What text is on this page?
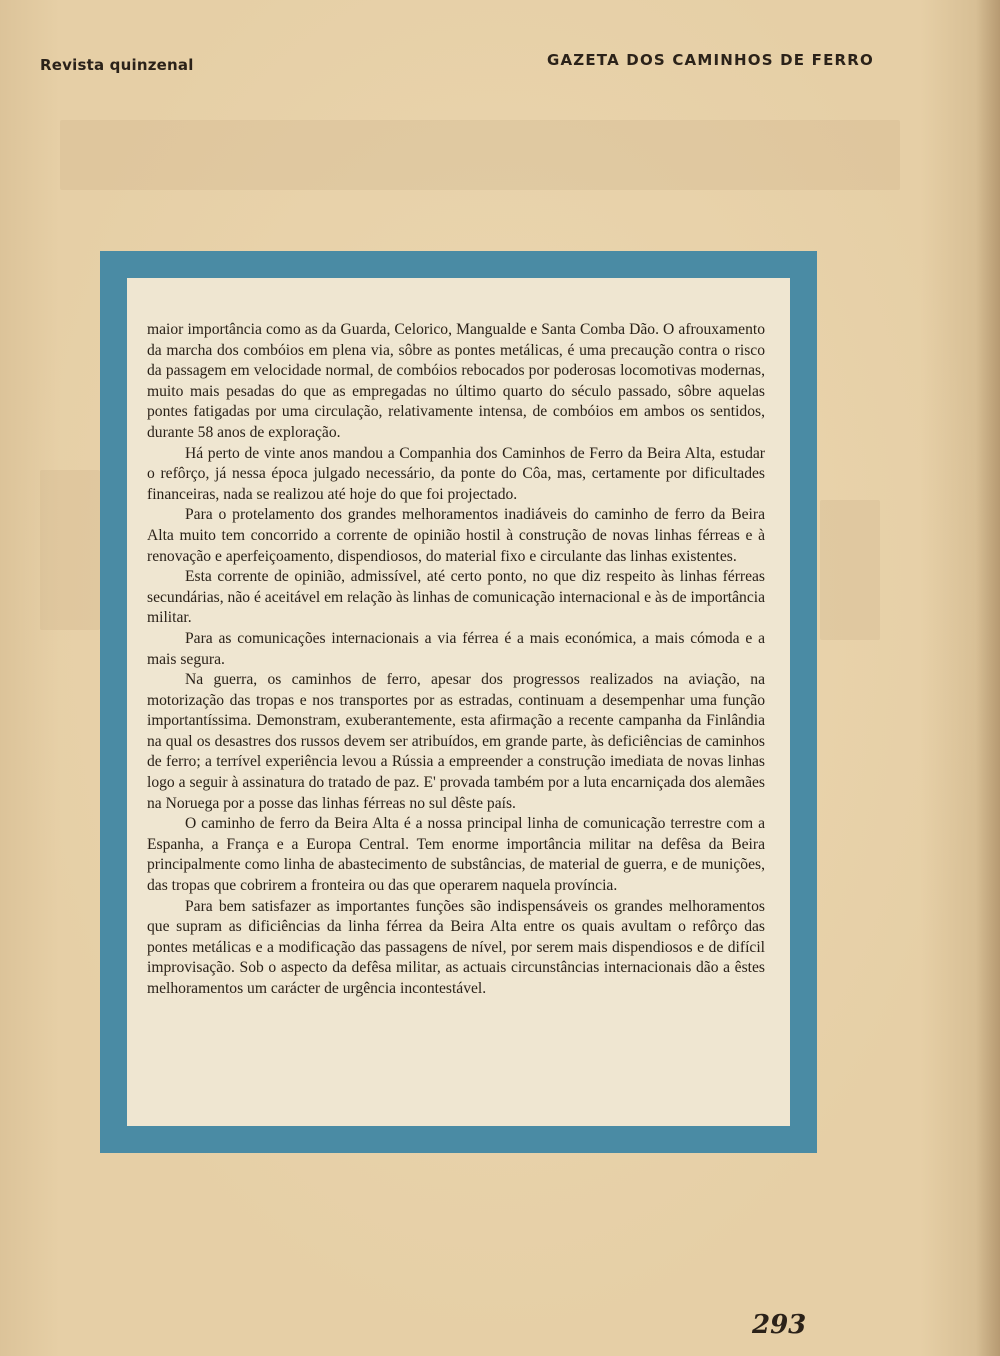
Revista quinzenal	GAZETA DOS CAMINHOS DE FERRO

maior importância como as da Guarda, Celorico, Mangualde e Santa Comba Dão. O afrouxamento da marcha dos combóios em plena via, sôbre as pontes metálicas, é uma precaução contra o risco da passagem em velocidade normal, de combóios rebocados por poderosas locomotivas modernas, muito mais pesadas do que as empregadas no último quarto do século passado, sôbre aquelas pontes fatigadas por uma circulação, relativamente intensa, de combóios em ambos os sentidos, durante 58 anos de exploração.

Há perto de vinte anos mandou a Companhia dos Caminhos de Ferro da Beira Alta, estudar o refôrço, já nessa época julgado necessário, da ponte do Côa, mas, certamente por dificultades financeiras, nada se realizou até hoje do que foi projectado.

Para o protelamento dos grandes melhoramentos inadiáveis do caminho de ferro da Beira Alta muito tem concorrido a corrente de opinião hostil à construção de novas linhas férreas e à renovação e aperfeiçoamento, dispendiosos, do material fixo e circulante das linhas existentes.

Esta corrente de opinião, admissível, até certo ponto, no que diz respeito às linhas férreas secundárias, não é aceitável em relação às linhas de comunicação internacional e às de importância militar.

Para as comunicações internacionais a via férrea é a mais económica, a mais cómoda e a mais segura.

Na guerra, os caminhos de ferro, apesar dos progressos realizados na aviação, na motorização das tropas e nos transportes por as estradas, continuam a desempenhar uma função importantíssima. Demonstram, exuberantemente, esta afirmação a recente campanha da Finlândia na qual os desastres dos russos devem ser atribuídos, em grande parte, às deficiências de caminhos de ferro; a terrível experiência levou a Rússia a empreender a construção imediata de novas linhas logo a seguir à assinatura do tratado de paz. E' provada também por a luta encarniçada dos alemães na Noruega por a posse das linhas férreas no sul dêste país.

O caminho de ferro da Beira Alta é a nossa principal linha de comunicação terrestre com a Espanha, a França e a Europa Central. Tem enorme importância militar na defêsa da Beira principalmente como linha de abastecimento de substâncias, de material de guerra, e de munições, das tropas que cobrirem a fronteira ou das que operarem naquela província.

Para bem satisfazer as importantes funções são indispensáveis os grandes melhoramentos que supram as dificiências da linha férrea da Beira Alta entre os quais avultam o refôrço das pontes metálicas e a modificação das passagens de nível, por serem mais dispendiosos e de difícil improvisação. Sob o aspecto da defêsa militar, as actuais circunstâncias internacionais dão a êstes melhoramentos um carácter de urgência incontestável.

293
